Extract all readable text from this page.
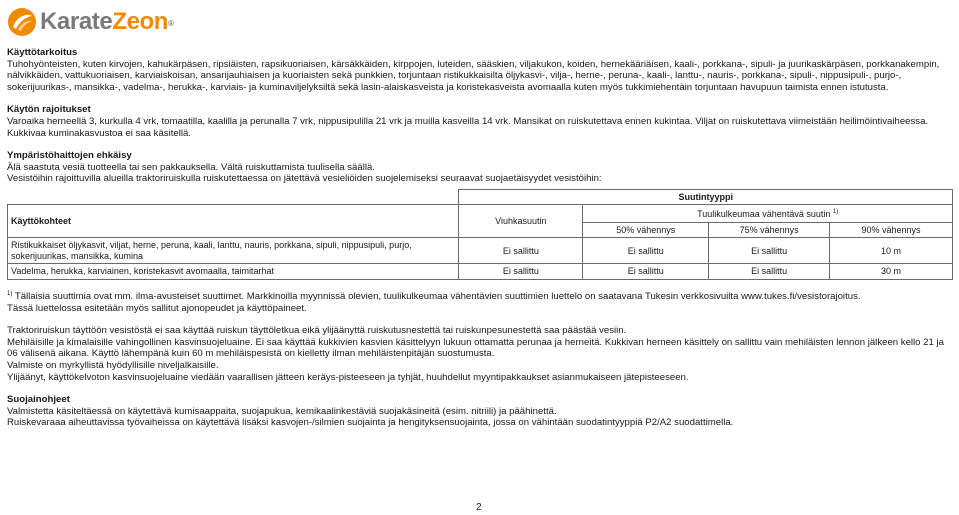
KarateZeon®

Käyttötarkoitus

Tuhohyönteisten, kuten kirvojen, kahukärpäsen, ripsiäisten, rapsikuoriaisen, kärsäkkäiden, kirppojen, luteiden, sääskien, viljakukon, koiden, hernekääriäisen, kaali-, porkkana-, sipuli- ja juurikaskärpäsen, porkkanakempin, nälvikkäiden, vattukuoriaisen, karviaiskoisan, ansarijauhiaisen ja kuoriaisten sekä punkkien, torjuntaan ristikukkaisilta öljykasvi-, vilja-, herne-, peruna-, kaali-, lanttu-, nauris-, porkkana-, sipuli-, nippusipuli-, purjo-, sokerijuurikas-, mansikka-, vadelma-, herukka-, karviais- ja kuminaviljelyksiltä sekä lasin-alaiskasveista ja koristekasveista avomaalla kuten myös tukkimiehentäin torjuntaan havupuun taimista ennen istutusta.

Käytön rajoitukset

Varoaika herneellä 3, kurkulla 4 vrk, tomaatilla, kaalilla ja perunalla 7 vrk, nippusipulilla 21 vrk ja muilla kasveilla 14 vrk. Mansikat on ruiskutettava ennen kukintaa. Viljat on ruiskutettava viimeistään heilimöintivaiheessa. Kukkivaa kuminakasvustoa ei saa käsitellä.

Ympäristöhaittojen ehkäisy

Älä saastuta vesiä tuotteella tai sen pakkauksella. Vältä ruiskuttamista tuulisella säällä.

Vesistöihin rajoittuvilla alueilla traktoriruiskulla ruiskutettaessa on jätettävä vesieliöiden suojelemiseksi seuraavat suojaetäisyydet vesistöihin:

	Suutintyyppi			
Käyttökohteet	Viuhkasuutin	Tuulikulkeumaa vähentävä suutin $^{1)}$
		50% vähennys	75% vähennys	90% vähennys
Ristikukkaiset öljykasvit, viljat, herne, peruna, kaali, lanttu, nauris, porkkana, sipuli, nippusipuli, purjo, sokerijuurikas, mansikka, kumina	Ei sallittu	Ei sallittu	Ei sallittu	10 m
Vadelma, herukka, karviainen, koristekasvit avomaalla, taimitarhat	Ei sallittu	Ei sallittu	Ei sallittu	30 m

$^{1)}$ Tällaisia suuttimia ovat mm. ilma-avusteiset suuttimet. Markkinoilla myynnissä olevien, tuulikulkeumaa vähentävien suuttimien luettelo on saatavana Tukesin verkkosivuilta www.tukes.fi/vesistorajoitus.

Tässä luettelossa esitetään myös sallitut ajonopeudet ja käyttöpaineet.

Traktoriruiskun täyttöön vesistöstä ei saa käyttää ruiskun täyttöletkua eikä ylijäänyttä ruiskutusnestettä tai ruiskunpesunestettä saa päästää vesiin.

Mehiläisille ja kimalaisille vahingollinen kasvinsuojeluaine. Ei saa käyttää kukkivien kasvien käsittelyyn lukuun ottamatta perunaa ja herneitä. Kukkivan herneen käsittely on sallittu vain mehiläisten lennon jälkeen kello 21 ja 06 välisenä aikana. Käyttö lähempänä kuin 60 m mehiläispesistä on kielletty ilman mehiläistenpitäjän suostumusta.

Valmiste on myrkyllistä hyödyllisille niveljalkaisille.

Ylijäänyt, käyttökelvoton kasvinsuojeluaine viedään vaarallisen jätteen keräys-pisteeseen ja tyhjät, huuhdellut myyntipakkaukset asianmukaiseen jätepisteeseen.

Suojainohjeet

Valmistetta käsiteltäessä on käytettävä kumisaappaita, suojapukua, kemikaalinkestäviä suojakäsineitä (esim. nitriili) ja päähinettä.

Ruiskevaraaa aiheuttavissa työvaiheissa on käytettävä lisäksi kasvojen-/silmien suojainta ja hengityksensuojainta, jossa on vähintään suodatintyyppiä P2/A2 suodattimella.

2
